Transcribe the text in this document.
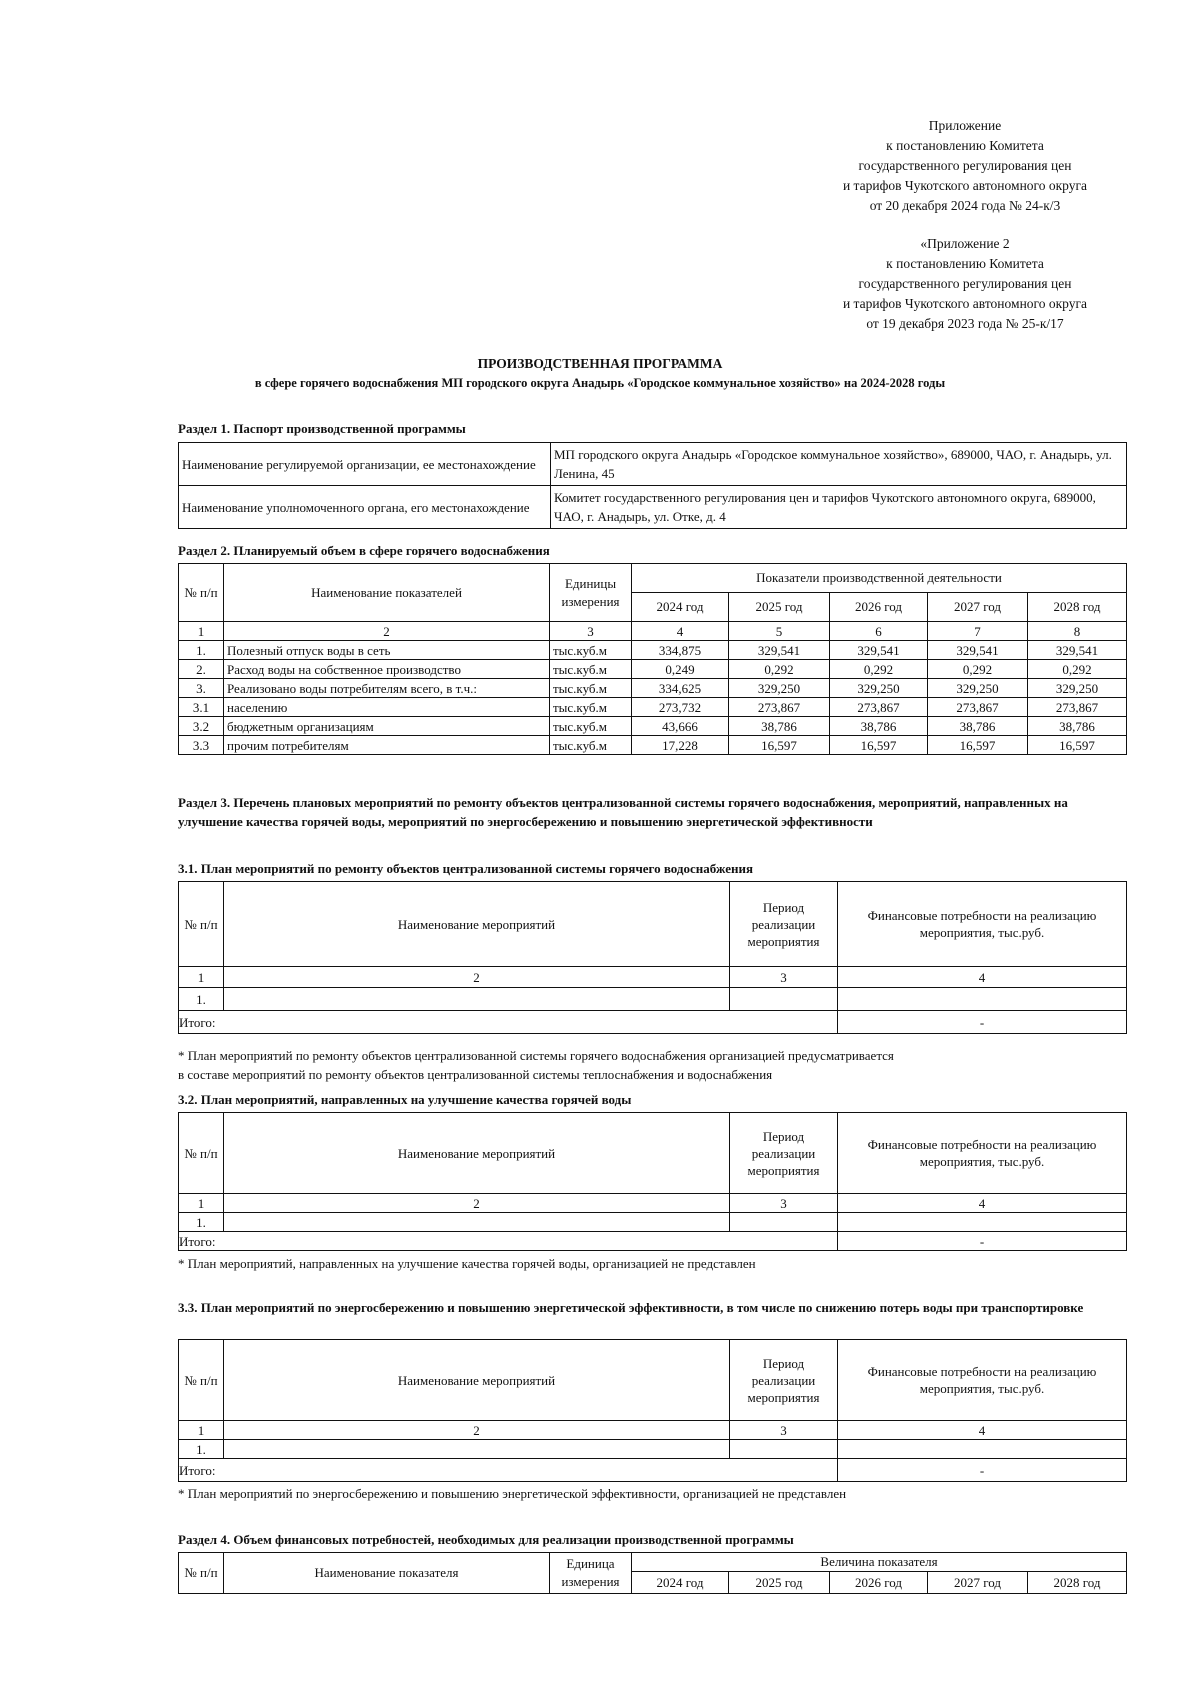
Приложение
к постановлению Комитета
государственного регулирования цен
и тарифов Чукотского автономного округа
от 20 декабря 2024 года № 24-к/3
«Приложение 2
к постановлению Комитета
государственного регулирования цен
и тарифов Чукотского автономного округа
от 19 декабря 2023 года № 25-к/17
ПРОИЗВОДСТВЕННАЯ ПРОГРАММА
в сфере горячего водоснабжения МП городского округа Анадырь «Городское коммунальное хозяйство» на 2024-2028 годы
Раздел 1. Паспорт производственной программы
Наименование регулируемой организации, ее местонахождение	МП городского округа Анадырь «Городское коммунальное хозяйство», 689000, ЧАО, г. Анадырь, ул. Ленина, 45
Наименование уполномоченного органа, его местонахождение	Комитет государственного регулирования цен и тарифов Чукотского автономного округа, 689000, ЧАО, г. Анадырь, ул. Отке, д. 4
Раздел 2. Планируемый объем в сфере горячего водоснабжения
№ п/п	Наименование показателей	Единицы измерения	Показатели производственной деятельности				
			2024 год	2025 год	2026 год	2027 год	2028 год
1	2	3	4	5	6	7	8
1.	Полезный отпуск воды в сеть	тыс.куб.м	334,875	329,541	329,541	329,541	329,541
2.	Расход воды на собственное производство	тыс.куб.м	0,249	0,292	0,292	0,292	0,292
3.	Реализовано воды потребителям всего, в т.ч.:	тыс.куб.м	334,625	329,250	329,250	329,250	329,250
3.1	населению	тыс.куб.м	273,732	273,867	273,867	273,867	273,867
3.2	бюджетным организациям	тыс.куб.м	43,666	38,786	38,786	38,786	38,786
3.3	прочим потребителям	тыс.куб.м	17,228	16,597	16,597	16,597	16,597
Раздел 3. Перечень плановых мероприятий по ремонту объектов централизованной системы горячего водоснабжения, мероприятий, направленных на улучшение качества горячей воды, мероприятий по энергосбережению и повышению энергетической эффективности
3.1. План мероприятий по ремонту объектов централизованной системы горячего водоснабжения
№ п/п	Наименование мероприятий	Период реализации мероприятия	Финансовые потребности на реализацию мероприятия, тыс.руб.
1	2	3	4
1.			
Итого:			-
* План мероприятий по ремонту объектов централизованной системы горячего водоснабжения организацией предусматривается
в составе мероприятий по ремонту объектов централизованной системы теплоснабжения и водоснабжения
3.2. План мероприятий, направленных на улучшение качества горячей воды
№ п/п	Наименование мероприятий	Период реализации мероприятия	Финансовые потребности на реализацию мероприятия, тыс.руб.
1	2	3	4
1.			
Итого:			-
* План мероприятий, направленных на улучшение качества горячей воды, организацией не представлен
3.3. План мероприятий по энергосбережению и повышению энергетической эффективности, в том числе по снижению потерь воды при транспортировке
№ п/п	Наименование мероприятий	Период реализации мероприятия	Финансовые потребности на реализацию мероприятия, тыс.руб.
1	2	3	4
1.			
Итого:			-
* План мероприятий по энергосбережению и повышению энергетической эффективности, организацией не представлен
Раздел 4. Объем финансовых потребностей, необходимых для реализации производственной программы
№ п/п	Наименование показателя	Единица измерения	Величина показателя				
			2024 год	2025 год	2026 год	2027 год	2028 год
